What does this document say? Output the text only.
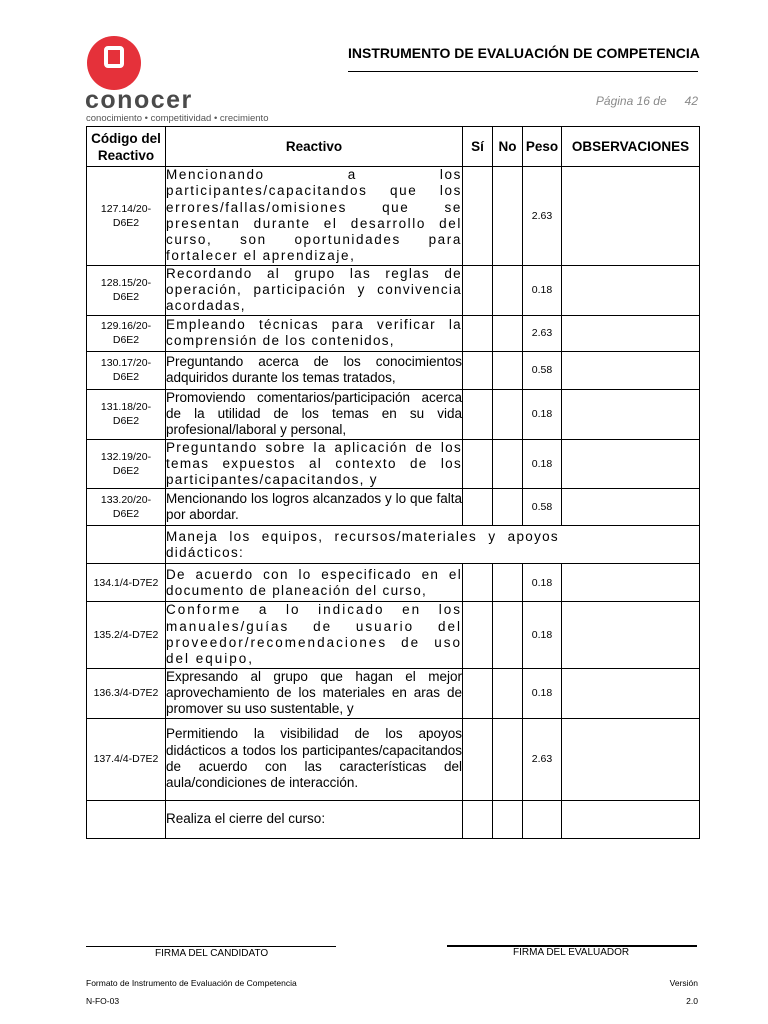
conocer
conocimiento • competitividad • crecimiento
INSTRUMENTO DE EVALUACIÓN DE COMPETENCIA
Página 16 de 42
Código del Reactivo	Reactivo	Sí	No	Peso	OBSERVACIONES
127.14/20-D6E2	Mencionando a los participantes/capacitandos que los errores/fallas/omisiones que se presentan durante el desarrollo del curso, son oportunidades para fortalecer el aprendizaje,			2.63	
128.15/20-D6E2	Recordando al grupo las reglas de operación, participación y convivencia acordadas,			0.18	
129.16/20-D6E2	Empleando técnicas para verificar la comprensión de los contenidos,			2.63	
130.17/20-D6E2	Preguntando acerca de los conocimientos adquiridos durante los temas tratados,			0.58	
131.18/20-D6E2	Promoviendo comentarios/participación acerca de la utilidad de los temas en su vida profesional/laboral y personal,			0.18	
132.19/20-D6E2	Preguntando sobre la aplicación de los temas expuestos al contexto de los participantes/capacitandos, y			0.18	
133.20/20-D6E2	Mencionando los logros alcanzados y lo que falta por abordar.			0.58	
	Maneja los equipos, recursos/materiales y apoyos didácticos:				
134.1/4-D7E2	De acuerdo con lo especificado en el documento de planeación del curso,			0.18	
135.2/4-D7E2	Conforme a lo indicado en los manuales/guías de usuario del proveedor/recomendaciones de uso del equipo,			0.18	
136.3/4-D7E2	Expresando al grupo que hagan el mejor aprovechamiento de los materiales en aras de promover su uso sustentable, y			0.18	
137.4/4-D7E2	Permitiendo la visibilidad de los apoyos didácticos a todos los participantes/capacitandos de acuerdo con las características del aula/condiciones de interacción.			2.63	
	Realiza el cierre del curso:				
FIRMA DEL CANDIDATO	FIRMA DEL EVALUADOR
Formato de Instrumento de Evaluación de Competencia
N-FO-03
Versión
2.0
